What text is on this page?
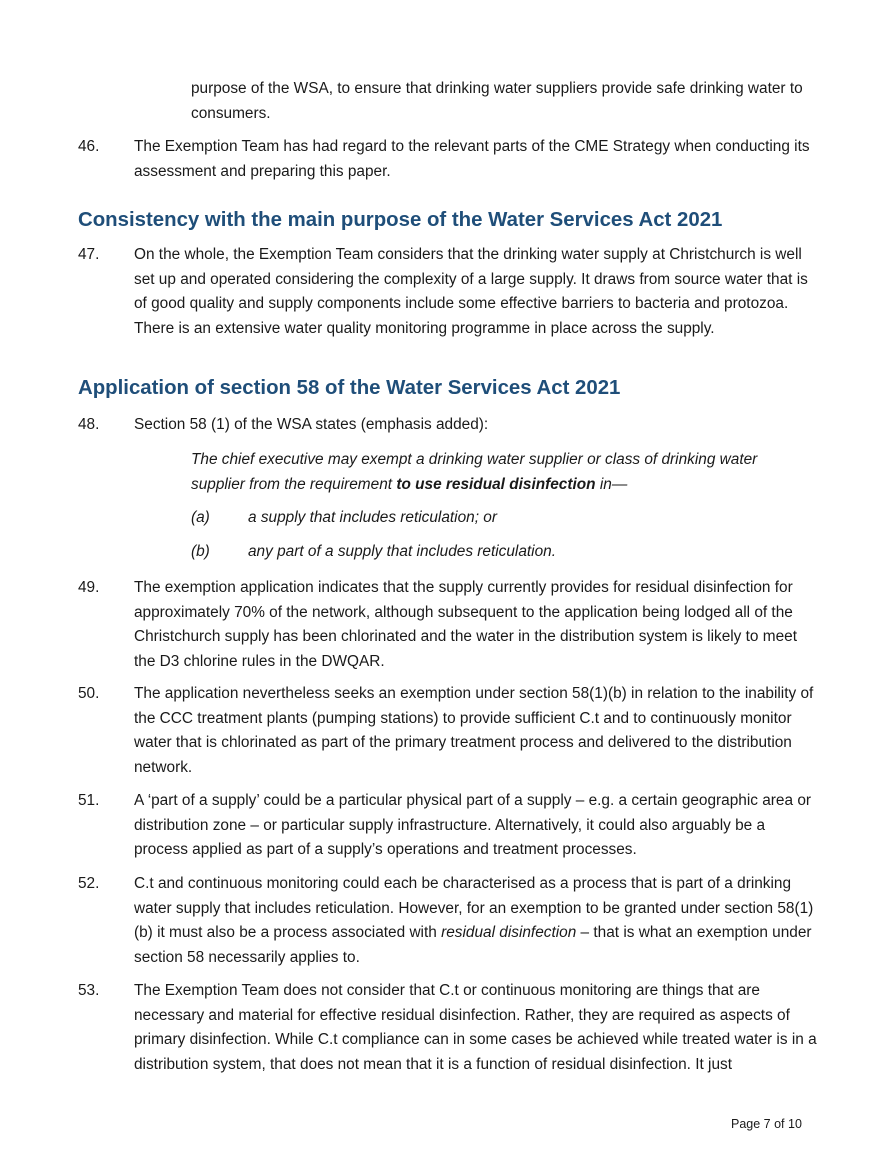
purpose of the WSA, to ensure that drinking water suppliers provide safe drinking water to consumers.
46. The Exemption Team has had regard to the relevant parts of the CME Strategy when conducting its assessment and preparing this paper.
Consistency with the main purpose of the Water Services Act 2021
47. On the whole, the Exemption Team considers that the drinking water supply at Christchurch is well set up and operated considering the complexity of a large supply. It draws from source water that is of good quality and supply components include some effective barriers to bacteria and protozoa. There is an extensive water quality monitoring programme in place across the supply.
Application of section 58 of the Water Services Act 2021
48. Section 58 (1) of the WSA states (emphasis added):
The chief executive may exempt a drinking water supplier or class of drinking water supplier from the requirement to use residual disinfection in—
(a) a supply that includes reticulation; or
(b) any part of a supply that includes reticulation.
49. The exemption application indicates that the supply currently provides for residual disinfection for approximately 70% of the network, although subsequent to the application being lodged all of the Christchurch supply has been chlorinated and the water in the distribution system is likely to meet the D3 chlorine rules in the DWQAR.
50. The application nevertheless seeks an exemption under section 58(1)(b) in relation to the inability of the CCC treatment plants (pumping stations) to provide sufficient C.t and to continuously monitor water that is chlorinated as part of the primary treatment process and delivered to the distribution network.
51. A ‘part of a supply’ could be a particular physical part of a supply – e.g. a certain geographic area or distribution zone – or particular supply infrastructure. Alternatively, it could also arguably be a process applied as part of a supply’s operations and treatment processes.
52. C.t and continuous monitoring could each be characterised as a process that is part of a drinking water supply that includes reticulation. However, for an exemption to be granted under section 58(1)(b) it must also be a process associated with residual disinfection – that is what an exemption under section 58 necessarily applies to.
53. The Exemption Team does not consider that C.t or continuous monitoring are things that are necessary and material for effective residual disinfection. Rather, they are required as aspects of primary disinfection. While C.t compliance can in some cases be achieved while treated water is in a distribution system, that does not mean that it is a function of residual disinfection. It just
Page 7 of 10
